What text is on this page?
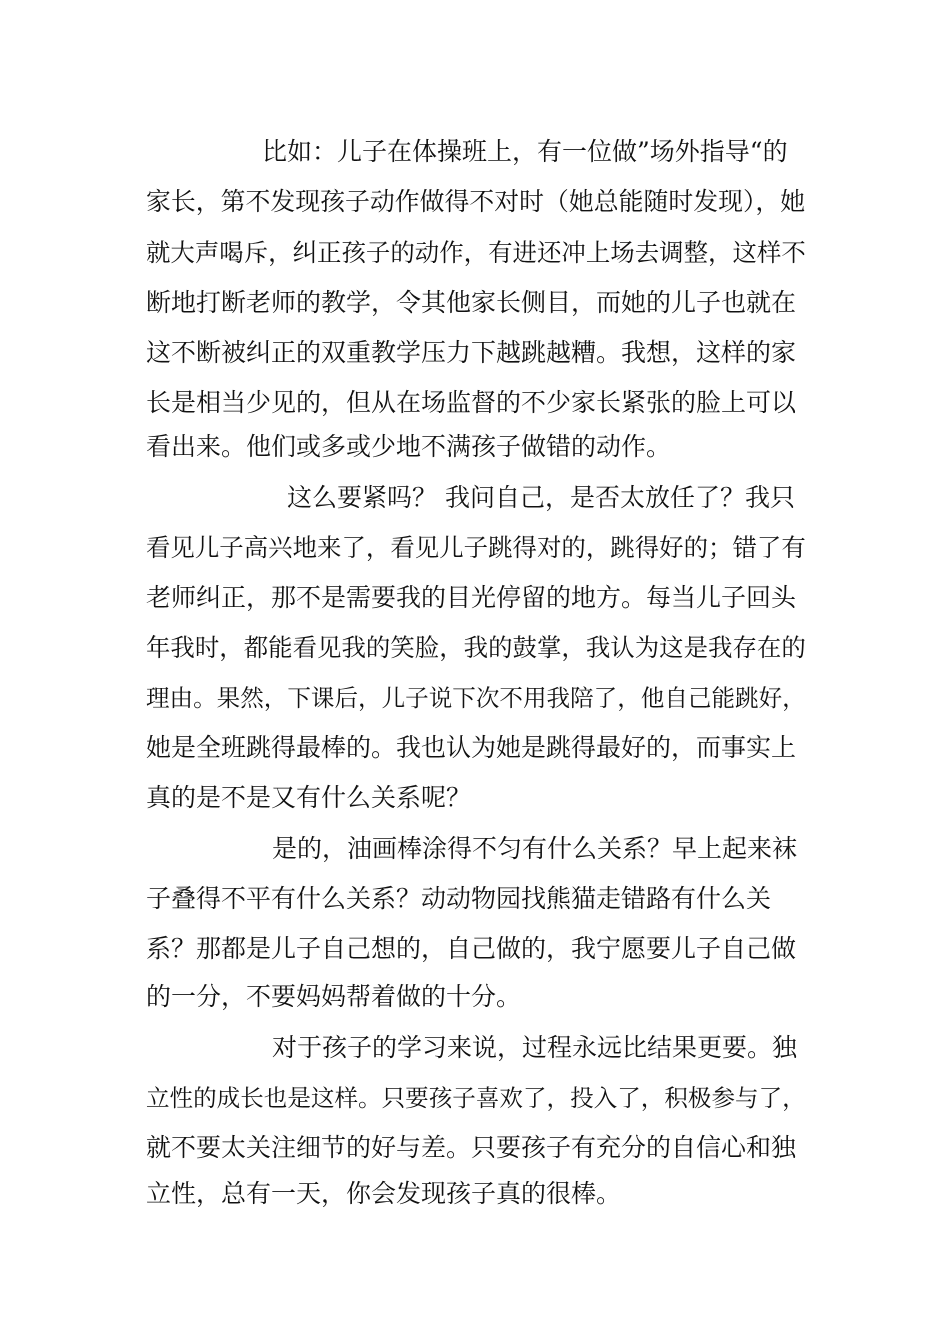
比如：儿子在体操班上，有一位做”场外指导“的
家长，第不发现孩子动作做得不对时（她总能随时发现），她
就大声喝斥，纠正孩子的动作，有进还冲上场去调整，这样不
断地打断老师的教学，令其他家长侧目，而她的儿子也就在
这不断被纠正的双重教学压力下越跳越糟。我想，这样的家
长是相当少见的，但从在场监督的不少家长紧张的脸上可以
看出来。他们或多或少地不满孩子做错的动作。
这么要紧吗？ 我问自己，是否太放任了？我只
看见儿子高兴地来了，看见儿子跳得对的，跳得好的；错了有
老师纠正，那不是需要我的目光停留的地方。每当儿子回头
年我时，都能看见我的笑脸，我的鼓掌，我认为这是我存在的
理由。果然，下课后，儿子说下次不用我陪了，他自己能跳好，
她是全班跳得最棒的。我也认为她是跳得最好的，而事实上
真的是不是又有什么关系呢？
是的，油画棒涂得不匀有什么关系？早上起来袜
子叠得不平有什么关系？动动物园找熊猫走错路有什么关
系？那都是儿子自己想的，自己做的，我宁愿要儿子自己做
的一分，不要妈妈帮着做的十分。
对于孩子的学习来说，过程永远比结果更要。独
立性的成长也是这样。只要孩子喜欢了，投入了，积极参与了，
就不要太关注细节的好与差。只要孩子有充分的自信心和独
立性，总有一天，你会发现孩子真的很棒。
